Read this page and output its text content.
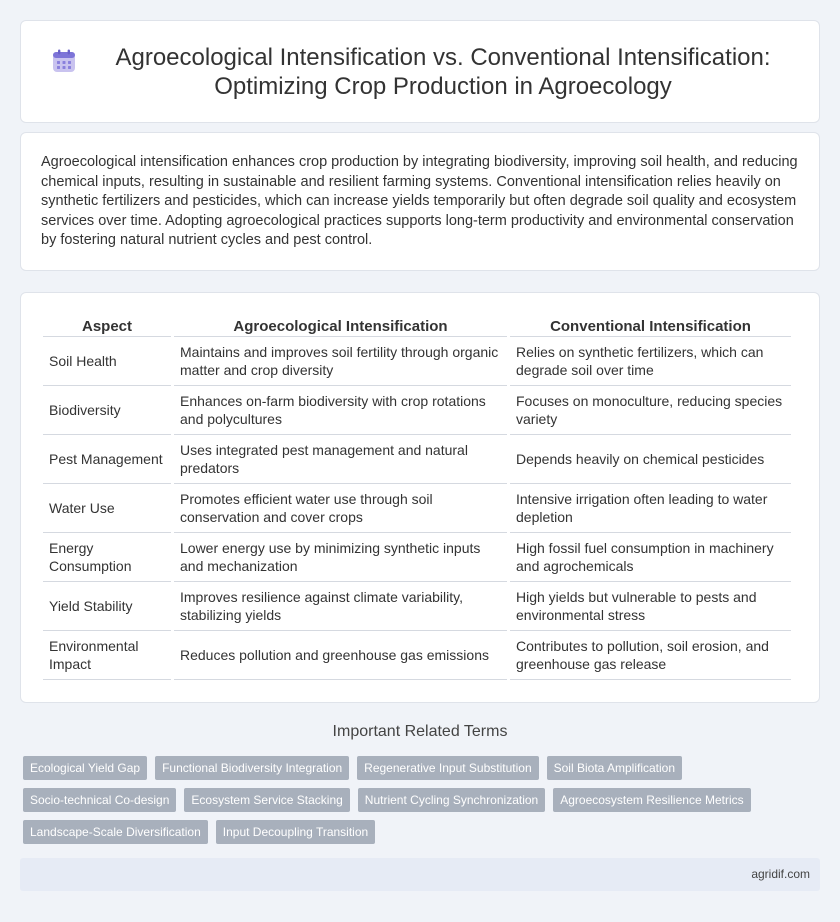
Agroecological Intensification vs. Conventional Intensification: Optimizing Crop Production in Agroecology

Agroecological intensification enhances crop production by integrating biodiversity, improving soil health, and reducing chemical inputs, resulting in sustainable and resilient farming systems. Conventional intensification relies heavily on synthetic fertilizers and pesticides, which can increase yields temporarily but often degrade soil quality and ecosystem services over time. Adopting agroecological practices supports long-term productivity and environmental conservation by fostering natural nutrient cycles and pest control.

Aspect	Agroecological Intensification	Conventional Intensification
Soil Health	Maintains and improves soil fertility through organic matter and crop diversity	Relies on synthetic fertilizers, which can degrade soil over time
Biodiversity	Enhances on-farm biodiversity with crop rotations and polycultures	Focuses on monoculture, reducing species variety
Pest Management	Uses integrated pest management and natural predators	Depends heavily on chemical pesticides
Water Use	Promotes efficient water use through soil conservation and cover crops	Intensive irrigation often leading to water depletion
Energy Consumption	Lower energy use by minimizing synthetic inputs and mechanization	High fossil fuel consumption in machinery and agrochemicals
Yield Stability	Improves resilience against climate variability, stabilizing yields	High yields but vulnerable to pests and environmental stress
Environmental Impact	Reduces pollution and greenhouse gas emissions	Contributes to pollution, soil erosion, and greenhouse gas release
Important Related Terms
Ecological Yield Gap	Functional Biodiversity Integration	Regenerative Input Substitution	Soil Biota Amplification
Socio-technical Co-design	Ecosystem Service Stacking	Nutrient Cycling Synchronization	Agroecosystem Resilience Metrics
Landscape-Scale Diversification	Input Decoupling Transition
agridif.com
